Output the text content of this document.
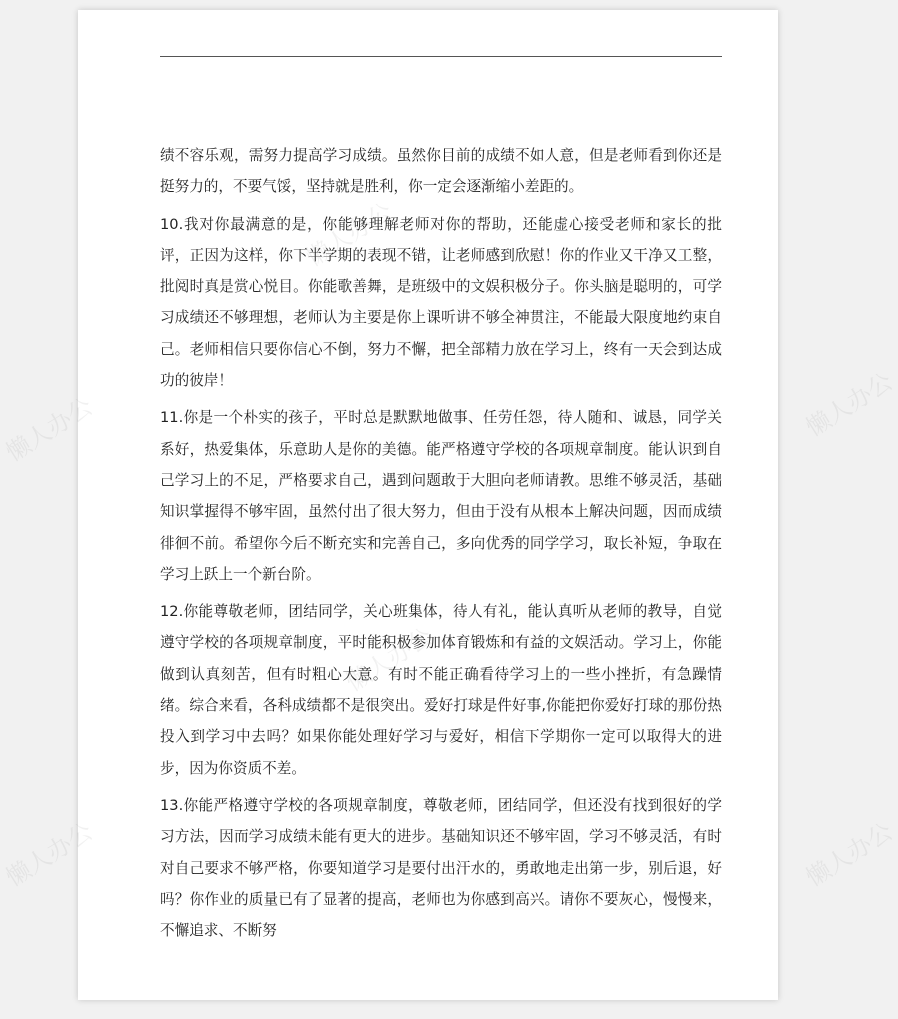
绩不容乐观，需努力提高学习成绩。虽然你目前的成绩不如人意，但是老师看到你还是挺努力的，不要气馁，坚持就是胜利，你一定会逐渐缩小差距的。

10.我对你最满意的是，你能够理解老师对你的帮助，还能虚心接受老师和家长的批评，正因为这样，你下半学期的表现不错，让老师感到欣慰！你的作业又干净又工整，批阅时真是赏心悦目。你能歌善舞，是班级中的文娱积极分子。你头脑是聪明的，可学习成绩还不够理想，老师认为主要是你上课听讲不够全神贯注，不能最大限度地约束自己。老师相信只要你信心不倒，努力不懈，把全部精力放在学习上，终有一天会到达成功的彼岸！

11.你是一个朴实的孩子，平时总是默默地做事、任劳任怨，待人随和、诚恳，同学关系好，热爱集体，乐意助人是你的美德。能严格遵守学校的各项规章制度。能认识到自己学习上的不足，严格要求自己，遇到问题敢于大胆向老师请教。思维不够灵活，基础知识掌握得不够牢固，虽然付出了很大努力，但由于没有从根本上解决问题，因而成绩徘徊不前。希望你今后不断充实和完善自己，多向优秀的同学学习，取长补短，争取在学习上跃上一个新台阶。

12.你能尊敬老师，团结同学，关心班集体，待人有礼，能认真听从老师的教导，自觉遵守学校的各项规章制度，平时能积极参加体育锻炼和有益的文娱活动。学习上，你能做到认真刻苦，但有时粗心大意。有时不能正确看待学习上的一些小挫折，有急躁情绪。综合来看，各科成绩都不是很突出。爱好打球是件好事,你能把你爱好打球的那份热投入到学习中去吗？如果你能处理好学习与爱好，相信下学期你一定可以取得大的进步，因为你资质不差。

13.你能严格遵守学校的各项规章制度，尊敬老师，团结同学，但还没有找到很好的学习方法，因而学习成绩未能有更大的进步。基础知识还不够牢固，学习不够灵活，有时对自己要求不够严格，你要知道学习是要付出汗水的，勇敢地走出第一步，别后退，好吗？你作业的质量已有了显著的提高，老师也为你感到高兴。请你不要灰心，慢慢来，不懈追求、不断努

懒人办公
懒人办公
懒人办公
懒人办公
